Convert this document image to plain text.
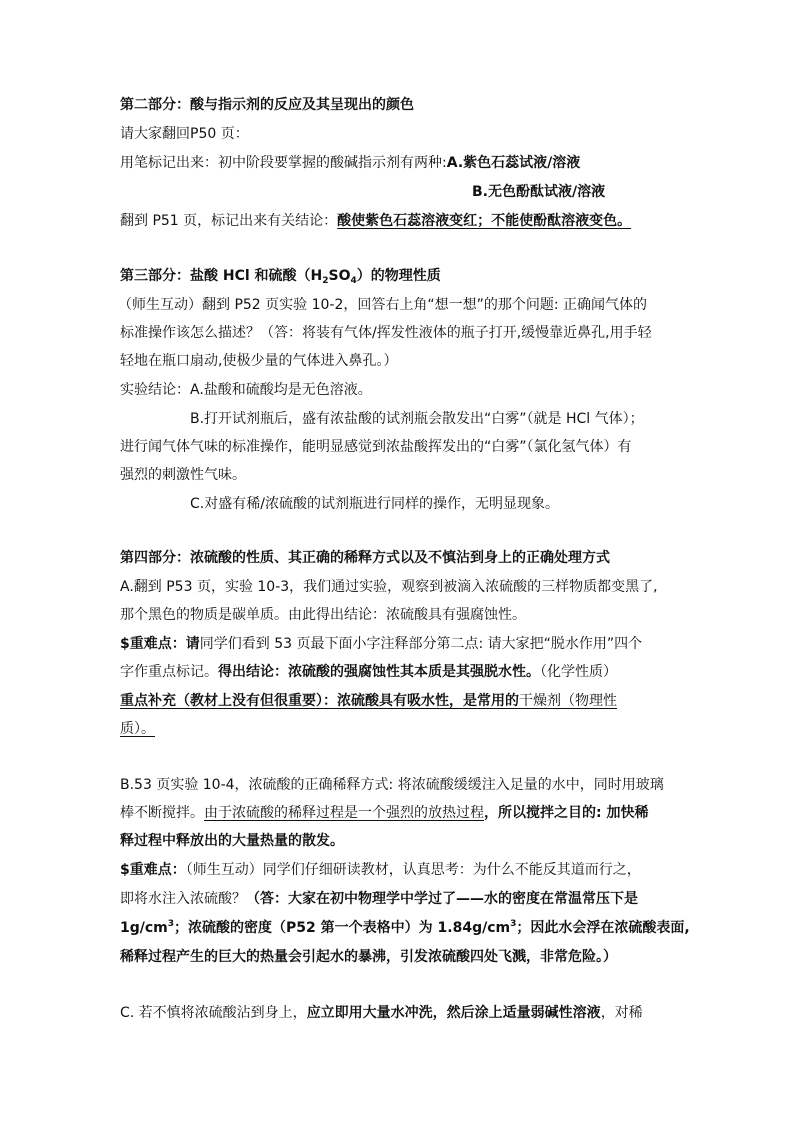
第二部分：酸与指示剂的反应及其呈现出的颜色
请大家翻回P50 页：
用笔标记出来：初中阶段要掌握的酸碱指示剂有两种:A.紫色石蕊试液/溶液
B.无色酚酞试液/溶液
翻到 P51 页，标记出来有关结论：酸使紫色石蕊溶液变红；不能使酚酞溶液变色。
第三部分：盐酸 HCl 和硫酸$(H_2SO_4)$的物理性质
（师生互动）翻到 P52 页实验 10-2，回答右上角“想一想”的那个问题: 正确闻气体的
标准操作该怎么描述？（答：将装有气体/挥发性液体的瓶子打开,缓慢靠近鼻孔,用手轻
轻地在瓶口扇动,使极少量的气体进入鼻孔。）
实验结论：A.盐酸和硫酸均是无色溶液。
B.打开试剂瓶后，盛有浓盐酸的试剂瓶会散发出“白雾”（就是 HCl 气体）；
进行闻气体气味的标准操作，能明显感觉到浓盐酸挥发出的“白雾”（氯化氢气体）有
强烈的刺激性气味。
C.对盛有稀/浓硫酸的试剂瓶进行同样的操作，无明显现象。
第四部分：浓硫酸的性质、其正确的稀释方式以及不慎沾到身上的正确处理方式
A.翻到 P53 页，实验 10-3，我们通过实验，观察到被滴入浓硫酸的三样物质都变黑了,
那个黑色的物质是碳单质。由此得出结论：浓硫酸具有强腐蚀性。
$重难点：请同学们看到 53 页最下面小字注释部分第二点: 请大家把“脱水作用”四个
字作重点标记。得出结论：浓硫酸的强腐蚀性其本质是其强脱水性。（化学性质）
重点补充（教材上没有但很重要）：浓硫酸具有吸水性，是常用的干燥剂（物理性
质）。
B.53 页实验 10-4，浓硫酸的正确稀释方式: 将浓硫酸缓缓注入足量的水中，同时用玻璃
棒不断搅拌。由于浓硫酸的稀释过程是一个强烈的放热过程，所以搅拌之目的: 加快稀
释过程中释放出的大量热量的散发。
$重难点：（师生互动）同学们仔细研读教材，认真思考：为什么不能反其道而行之，
即将水注入浓硫酸？（答：大家在初中物理学中学过了——水的密度在常温常压下是
$1g/cm^3$；浓硫酸的密度（P52 第一个表格中）为 $1.84g/cm^3$；因此水会浮在浓硫酸表面,
稀释过程产生的巨大的热量会引起水的暴沸，引发浓硫酸四处飞溅，非常危险。）
C. 若不慎将浓硫酸沾到身上，应立即用大量水冲洗，然后涂上适量弱碱性溶液，对稀
